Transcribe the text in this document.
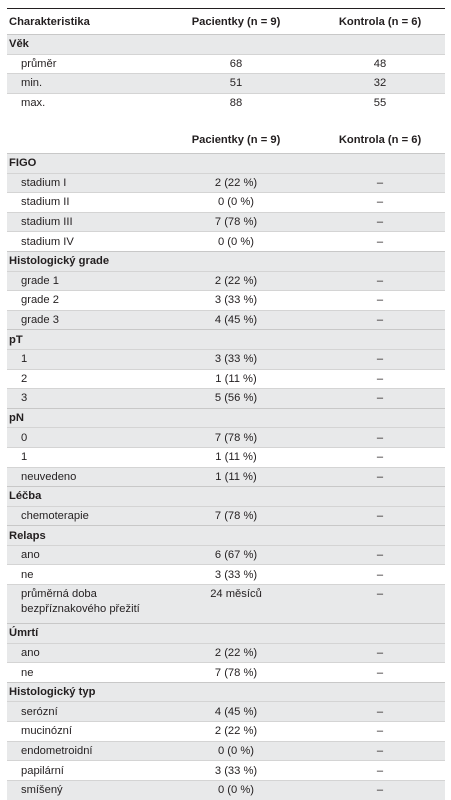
Charakteristika	Pacientky (n = 9)	Kontrola (n = 6)
Věk		
průměr	68	48
min.	51	32
max.	88	55
	Pacientky (n = 9)	Kontrola (n = 6)
FIGO		
stadium I	2 (22 %)	–
stadium II	0 (0 %)	–
stadium III	7 (78 %)	–
stadium IV	0 (0 %)	–
Histologický grade		
grade 1	2 (22 %)	–
grade 2	3 (33 %)	–
grade 3	4 (45 %)	–
pT		
1	3 (33 %)	–
2	1 (11 %)	–
3	5 (56 %)	–
pN		
0	7 (78 %)	–
1	1 (11 %)	–
neuvedeno	1 (11 %)	–
Léčba		
chemoterapie	7 (78 %)	–
Relaps		
ano	6 (67 %)	–
ne	3 (33 %)	–
průměrná doba bezpříznakového přežití	24 měsíců	–
Úmrtí		
ano	2 (22 %)	–
ne	7 (78 %)	–
Histologický typ		
serózní	4 (45 %)	–
mucinózní	2 (22 %)	–
endometroidní	0 (0 %)	–
papilární	3 (33 %)	–
smíšený	0 (0 %)	–
